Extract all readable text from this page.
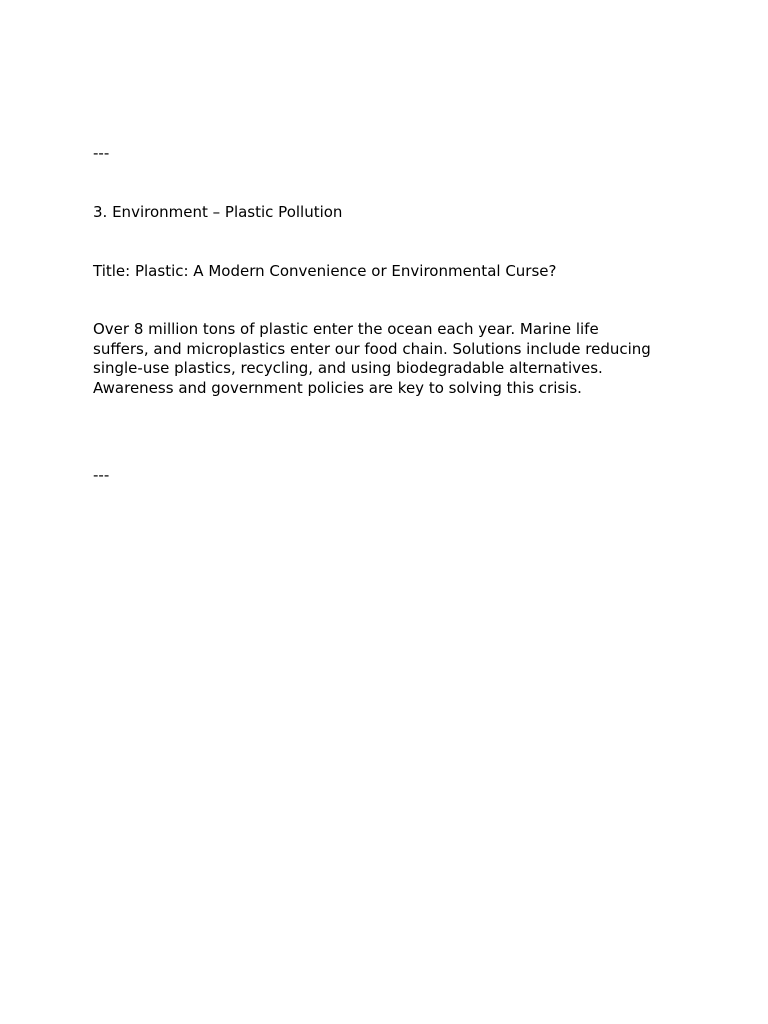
---

3. Environment – Plastic Pollution

Title: Plastic: A Modern Convenience or Environmental Curse?

Over 8 million tons of plastic enter the ocean each year. Marine life
suffers, and microplastics enter our food chain. Solutions include reducing
single-use plastics, recycling, and using biodegradable alternatives.
Awareness and government policies are key to solving this crisis.

---
